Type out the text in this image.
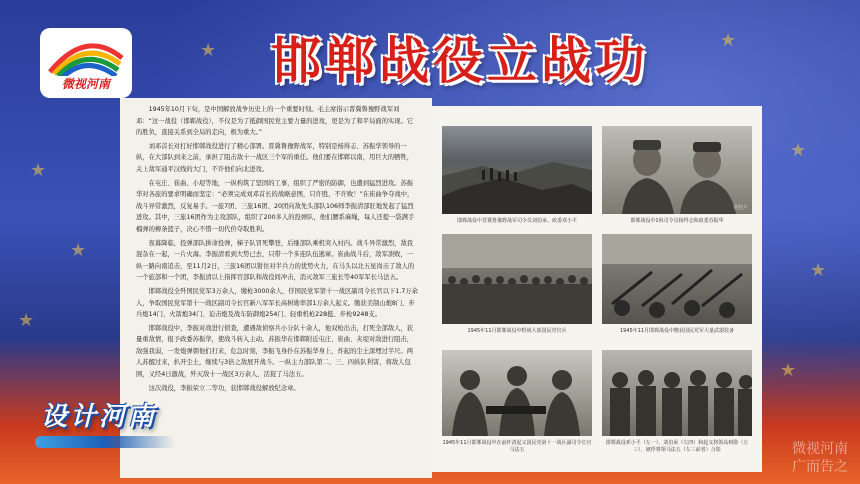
★
★
★
★
★
★
★	★
微视河南	邯郸战役立战功

1945年10月下旬，是中国解放战争历史上的一个重要时刻。毛主席指示晋冀鲁豫野战军刘邓：“这一战役（邯郸战役），不仅是为了抵御国民党主要力量的进攻，更是为了和平局面的实现。它的胜负，直接关系到全局的走向，极为重大。”

刘邓首长对打好邯郸战役进行了精心部署。晋冀鲁豫野战军，特别是杨得志、苏振华领导的一纵，在大部队到来之前，承担了阻击敌十一战区三个军的重任。他们要在邯郸以南，用巨大的牺牲，关上敌军通平汉线的大门，不许他们向北进攻。

在屯庄、崔曲、小堤等地，一纵构筑了坚固的工事，组织了严密的防御，也遭到猛烈进攻。苏振华对各旅的要求明确而坚定：“必须完成刘邓首长的战略意图，只许胜，不许败！”在崔曲争夺战中，战斗异常激烈，反复易手。一旅7团、三旅16团、20团向敌先头部队106师李振清部驻地发起了猛烈进攻。其中，三旅16团作为主攻部队，组织了200多人的投弹队，他们腰系麻绳，每人还提一袋满手榴弹的柳条篮子，决心不惜一切代价夺取胜利。

夜幕降临，投弹部队拼命投弹，梯子队冒死攀登，后继部队乘机突入村内。战斗异常激烈，敌我混杂在一起，一片火海。李振清看到大势已去，只带一个多连队伍逃窜。崔曲战斗后，敌军溃败，一纵一路向南追击，至11月2日，三旅16团以钳住对半兵力的优势火力，在马头以北五星岗击了敌人的一个旅部和一个团，李振清以上指挥官部队和战役间冲击，消灭敌军三旅长等40军军长马法五。

邯郸战役全歼国民党军3万余人，缴枪3000余人，俘国民党军第十一战区副司令长官以下1.7万余人，争取国民党军第十一战区副司令长官新八军军长高树勋率部1万余人起义。缴获美制山炮8门、步兵炮14门、火箭炮34门、迫击炮及战车防御炮254门、轻重机枪228挺、步枪9248支。

邯郸战役中，李振对战进行侦查，遭遇敌侦察兵小分队十余人，他双枪出击，打死全部敌人，获量重敌情，报予政委苏振华，使战斗转入主动。苏振华在邯郸附近屯庄、崔曲、夹堤对敌进行阻击，敌强我弱，一发炮弹朝他们打来，危急时刻，李振飞身扑在苏振华身上，炸起的尘土深埋过半尺。两人苏醒过来，扒开尘土，继续与3倍之敌展开战斗。一纵主力部队第二、三、四纵队利害，将敌人包围，又经4日激战，歼灭敌十一战区3万余人，活捉了马法五。

这次战役，李振荣立二等功，获邯郸战役解放纪念章。

邯郸战役中晋冀鲁豫野战军司令员刘伯承、政委邓小平
老照片
邯郸战役中1纵司令员杨得志和政委苏振华
1945年11月邯郸战役中野战大部国民党官兵	1945年11月邯郸战役中缴获国民党军大量武器装备
1945年11月邯郸战役中在前杆清起义国民党第十一战区副司令长官马法五
邯郸战役邓小平（左一）、刘伯承（左四）和起义将领高树勋（左三），被俘将领马法五（左三前者）合影
设计河南
微视河南
广而告之
